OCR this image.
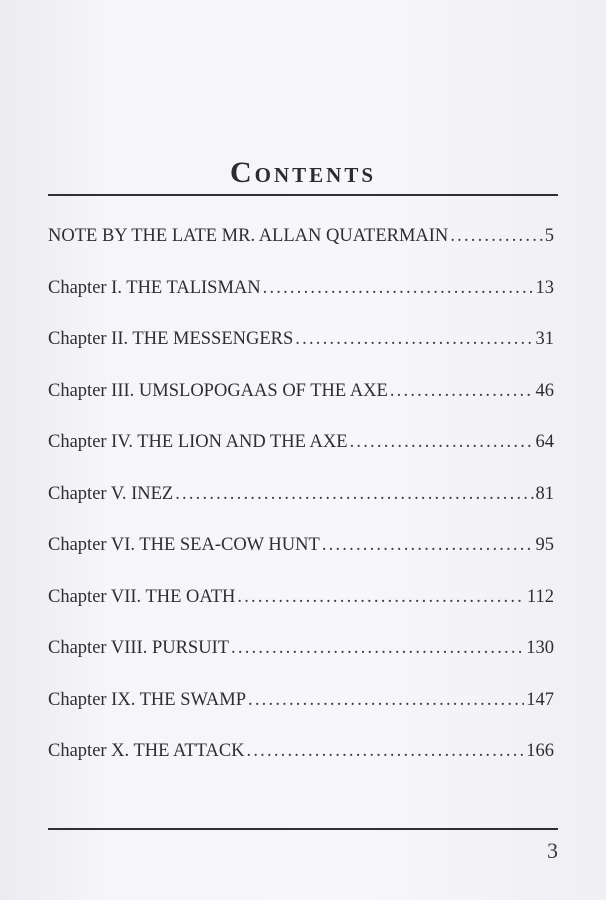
Contents
NOTE BY THE LATE MR. ALLAN QUATERMAIN .....	5
Chapter I. THE TALISMAN .....	13
Chapter II. THE MESSENGERS .....	31
Chapter III. UMSLOPOGAAS OF THE AXE .....	46
Chapter IV. THE LION AND THE AXE .....	64
Chapter V. INEZ .....	81
Chapter VI. THE SEA-COW HUNT .....	95
Chapter VII. THE OATH .....	112
Chapter VIII. PURSUIT .....	130
Chapter IX. THE SWAMP .....	147
Chapter X. THE ATTACK .....	166
3
